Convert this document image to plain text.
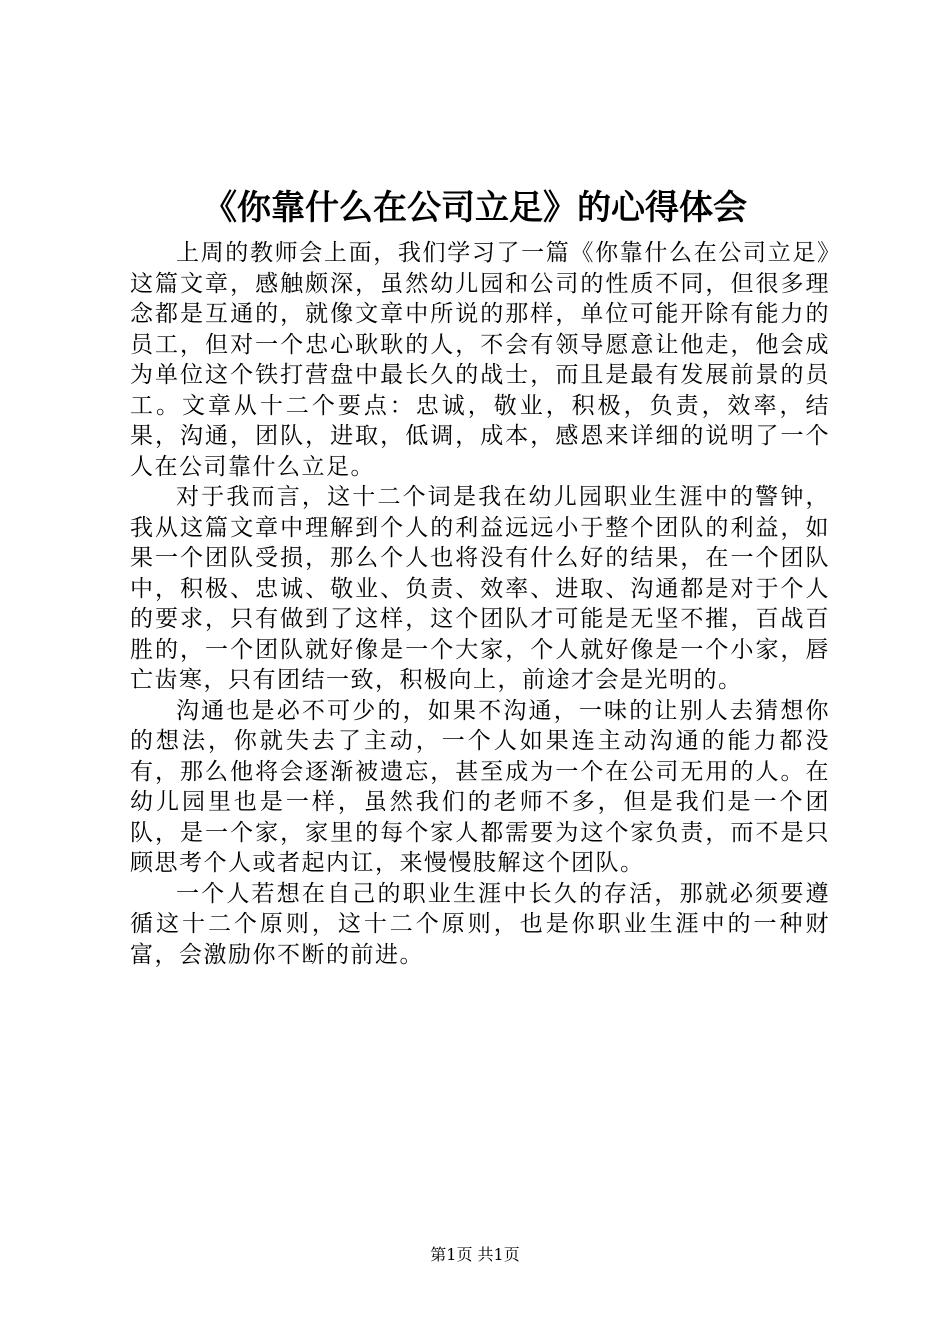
《你靠什么在公司立足》的心得体会

上周的教师会上面，我们学习了一篇《你靠什么在公司立足》这篇文章，感触颇深，虽然幼儿园和公司的性质不同，但很多理念都是互通的，就像文章中所说的那样，单位可能开除有能力的员工，但对一个忠心耿耿的人，不会有领导愿意让他走，他会成为单位这个铁打营盘中最长久的战士，而且是最有发展前景的员工。文章从十二个要点：忠诚，敬业，积极，负责，效率，结果，沟通，团队，进取，低调，成本，感恩来详细的说明了一个人在公司靠什么立足。

对于我而言，这十二个词是我在幼儿园职业生涯中的警钟，我从这篇文章中理解到个人的利益远远小于整个团队的利益，如果一个团队受损，那么个人也将没有什么好的结果，在一个团队中，积极、忠诚、敬业、负责、效率、进取、沟通都是对于个人的要求，只有做到了这样，这个团队才可能是无坚不摧，百战百胜的，一个团队就好像是一个大家，个人就好像是一个小家，唇亡齿寒，只有团结一致，积极向上，前途才会是光明的。

沟通也是必不可少的，如果不沟通，一味的让别人去猜想你的想法，你就失去了主动，一个人如果连主动沟通的能力都没有，那么他将会逐渐被遗忘，甚至成为一个在公司无用的人。在幼儿园里也是一样，虽然我们的老师不多，但是我们是一个团队，是一个家，家里的每个家人都需要为这个家负责，而不是只顾思考个人或者起内讧，来慢慢肢解这个团队。

一个人若想在自己的职业生涯中长久的存活，那就必须要遵循这十二个原则，这十二个原则，也是你职业生涯中的一种财富，会激励你不断的前进。

第1页 共1页
